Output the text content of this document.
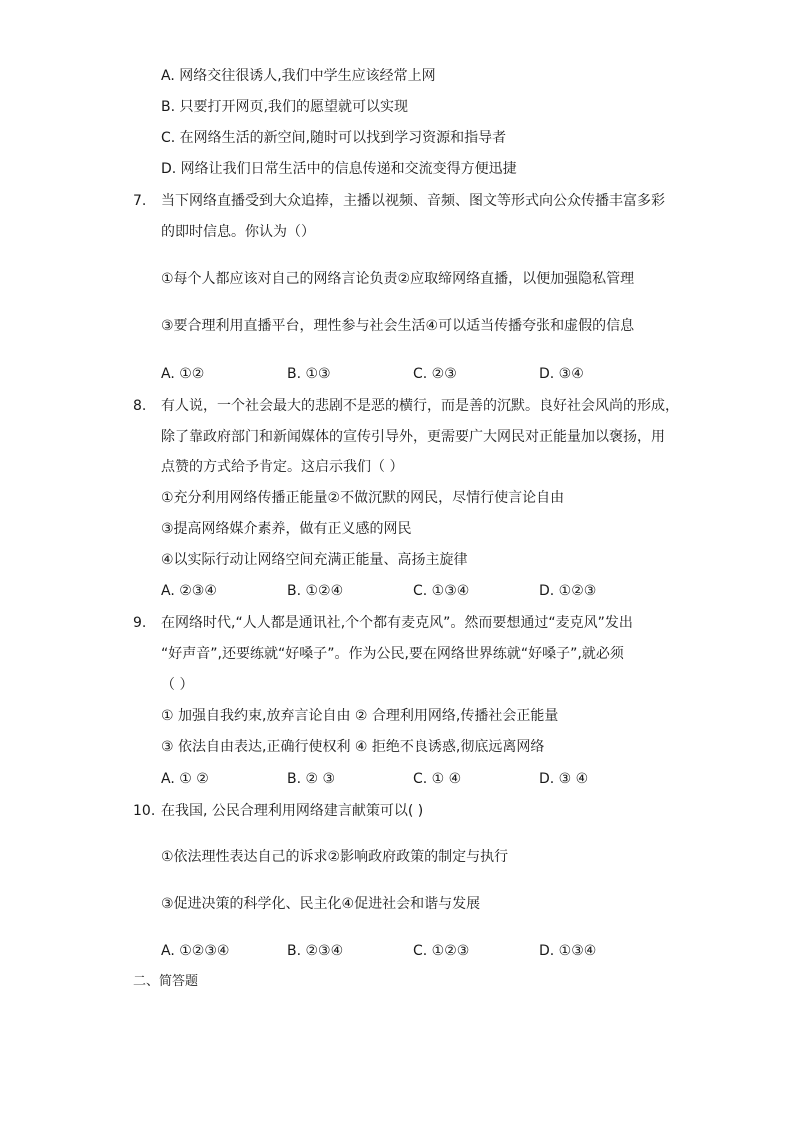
A. 网络交往很诱人,我们中学生应该经常上网
B. 只要打开网页,我们的愿望就可以实现
C. 在网络生活的新空间,随时可以找到学习资源和指导者
D. 网络让我们日常生活中的信息传递和交流变得方便迅捷
7. 当下网络直播受到大众追捧，主播以视频、音频、图文等形式向公众传播丰富多彩
的即时信息。你认为（）
①每个人都应该对自己的网络言论负责②应取缔网络直播，以便加强隐私管理
③要合理利用直播平台，理性参与社会生活④可以适当传播夸张和虚假的信息
A. ①②	B. ①③	C. ②③	D. ③④
8. 有人说，一个社会最大的悲剧不是恶的横行，而是善的沉默。良好社会风尚的形成，
除了靠政府部门和新闻媒体的宣传引导外，更需要广大网民对正能量加以褒扬，用
点赞的方式给予肯定。这启示我们（ ）
①充分利用网络传播正能量②不做沉默的网民，尽情行使言论自由
③提高网络媒介素养，做有正义感的网民
④以实际行动让网络空间充满正能量、高扬主旋律
A. ②③④	B. ①②④	C. ①③④	D. ①②③
9. 在网络时代,“人人都是通讯社,个个都有麦克风”。然而要想通过“麦克风”发出
“好声音”,还要练就“好嗓子”。作为公民,要在网络世界练就“好嗓子”,就必须
（ ）
① 加强自我约束,放弃言论自由 ② 合理利用网络,传播社会正能量
③ 依法自由表达,正确行使权利 ④ 拒绝不良诱惑,彻底远离网络
A. ① ②	B. ② ③	C. ① ④	D. ③ ④
10. 在我国, 公民合理利用网络建言献策可以( )
①依法理性表达自己的诉求②影响政府政策的制定与执行
③促进决策的科学化、民主化④促进社会和谐与发展
A. ①②③④	B. ②③④	C. ①②③	D. ①③④
二、简答题
